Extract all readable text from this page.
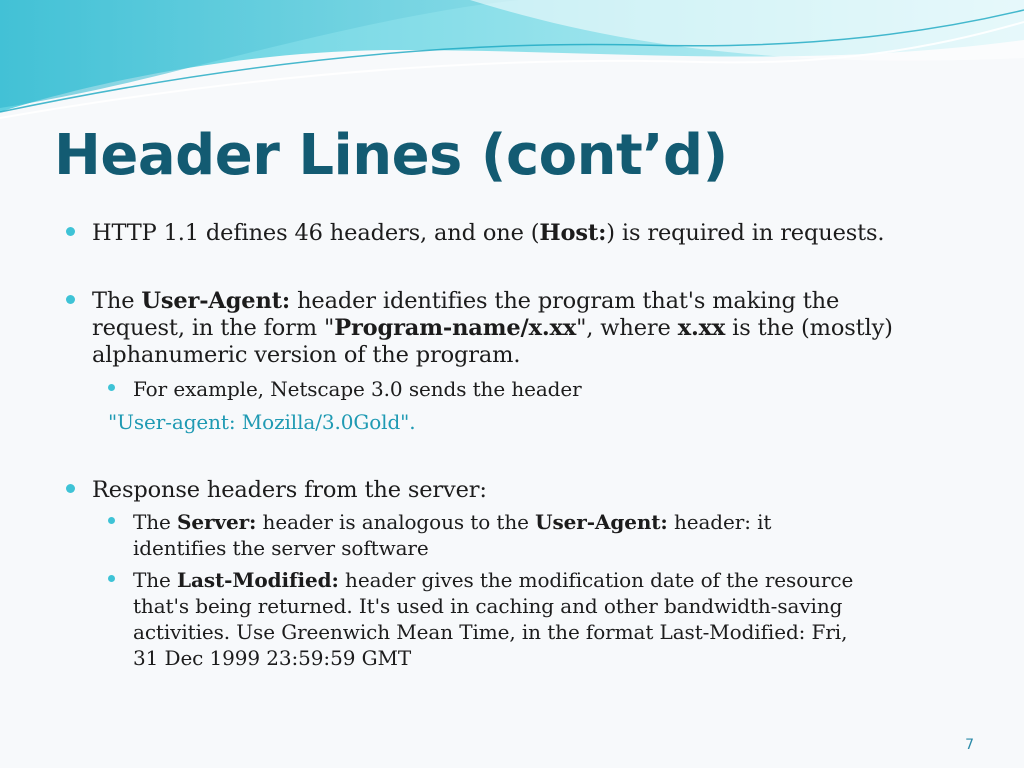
Header Lines (cont’d)
HTTP 1.1 defines 46 headers, and one (Host:) is required in requests.
The User-Agent: header identifies the program that's making the
request, in the form "Program-name/x.xx", where x.xx is the (mostly)
alphanumeric version of the program.
For example, Netscape 3.0 sends the header
"User-agent: Mozilla/3.0Gold".
Response headers from the server:
The Server: header is analogous to the User-Agent: header: it
identifies the server software
The Last-Modified: header gives the modification date of the resource
that's being returned. It's used in caching and other bandwidth-saving
activities. Use Greenwich Mean Time, in the format Last-Modified: Fri,
31 Dec 1999 23:59:59 GMT
7
